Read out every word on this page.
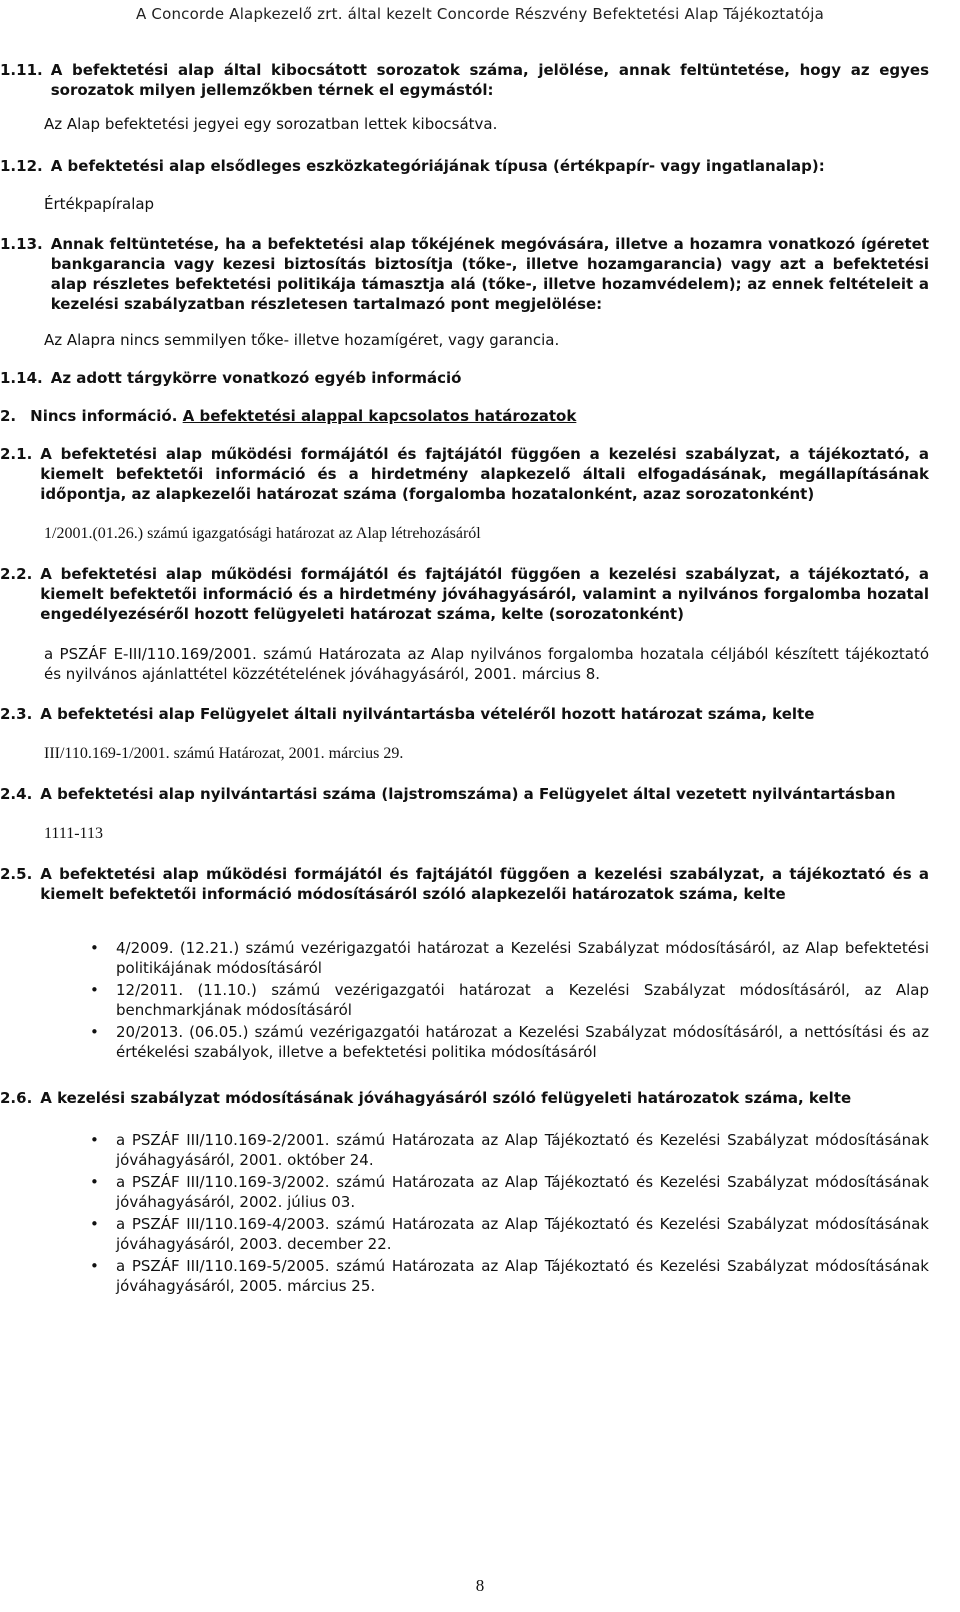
A Concorde Alapkezelő zrt. által kezelt Concorde Részvény Befektetési Alap Tájékoztatója
1.11. A befektetési alap által kibocsátott sorozatok száma, jelölése, annak feltüntetése, hogy az egyes sorozatok milyen jellemzőkben térnek el egymástól:
Az Alap befektetési jegyei egy sorozatban lettek kibocsátva.
1.12. A befektetési alap elsődleges eszközkategóriájának típusa (értékpapír- vagy ingatlanalap):
Értékpapíralap
1.13. Annak feltüntetése, ha a befektetési alap tőkéjének megóvására, illetve a hozamra vonatkozó ígéretet bankgarancia vagy kezesi biztosítás biztosítja (tőke-, illetve hozamgarancia) vagy azt a befektetési alap részletes befektetési politikája támasztja alá (tőke-, illetve hozamvédelem); az ennek feltételeit a kezelési szabályzatban részletesen tartalmazó pont megjelölése:
Az Alapra nincs semmilyen tőke- illetve hozamígéret, vagy garancia.
1.14. Az adott tárgykörre vonatkozó egyéb információ
2. Nincs információ. A befektetési alappal kapcsolatos határozatok
2.1. A befektetési alap működési formájától és fajtájától függően a kezelési szabályzat, a tájékoztató, a kiemelt befektetői információ és a hirdetmény alapkezelő általi elfogadásának, megállapításának időpontja, az alapkezelői határozat száma (forgalomba hozatalonként, azaz sorozatonként)
1/2001.(01.26.) számú igazgatósági határozat az Alap létrehozásáról
2.2. A befektetési alap működési formájától és fajtájától függően a kezelési szabályzat, a tájékoztató, a kiemelt befektetői információ és a hirdetmény jóváhagyásáról, valamint a nyilvános forgalomba hozatal engedélyezéséről hozott felügyeleti határozat száma, kelte (sorozatonként)
a PSZÁF E-III/110.169/2001. számú Határozata az Alap nyilvános forgalomba hozatala céljából készített tájékoztató és nyilvános ajánlattétel közzétételének jóváhagyásáról, 2001. március 8.
2.3. A befektetési alap Felügyelet általi nyilvántartásba vételéről hozott határozat száma, kelte
III/110.169-1/2001. számú Határozat, 2001. március 29.
2.4. A befektetési alap nyilvántartási száma (lajstromszáma) a Felügyelet által vezetett nyilvántartásban
1111-113
2.5. A befektetési alap működési formájától és fajtájától függően a kezelési szabályzat, a tájékoztató és a kiemelt befektetői információ módosításáról szóló alapkezelői határozatok száma, kelte
• 4/2009. (12.21.) számú vezérigazgatói határozat a Kezelési Szabályzat módosításáról, az Alap befektetési politikájának módosításáról
• 12/2011. (11.10.) számú vezérigazgatói határozat a Kezelési Szabályzat módosításáról, az Alap benchmarkjának módosításáról
• 20/2013. (06.05.) számú vezérigazgatói határozat a Kezelési Szabályzat módosításáról, a nettósítási és az értékelési szabályok, illetve a befektetési politika módosításáról
2.6. A kezelési szabályzat módosításának jóváhagyásáról szóló felügyeleti határozatok száma, kelte
• a PSZÁF III/110.169-2/2001. számú Határozata az Alap Tájékoztató és Kezelési Szabályzat módosításának jóváhagyásáról, 2001. október 24.
• a PSZÁF III/110.169-3/2002. számú Határozata az Alap Tájékoztató és Kezelési Szabályzat módosításának jóváhagyásáról, 2002. július 03.
• a PSZÁF III/110.169-4/2003. számú Határozata az Alap Tájékoztató és Kezelési Szabályzat módosításának jóváhagyásáról, 2003. december 22.
• a PSZÁF III/110.169-5/2005. számú Határozata az Alap Tájékoztató és Kezelési Szabályzat módosításának jóváhagyásáról, 2005. március 25.
8
